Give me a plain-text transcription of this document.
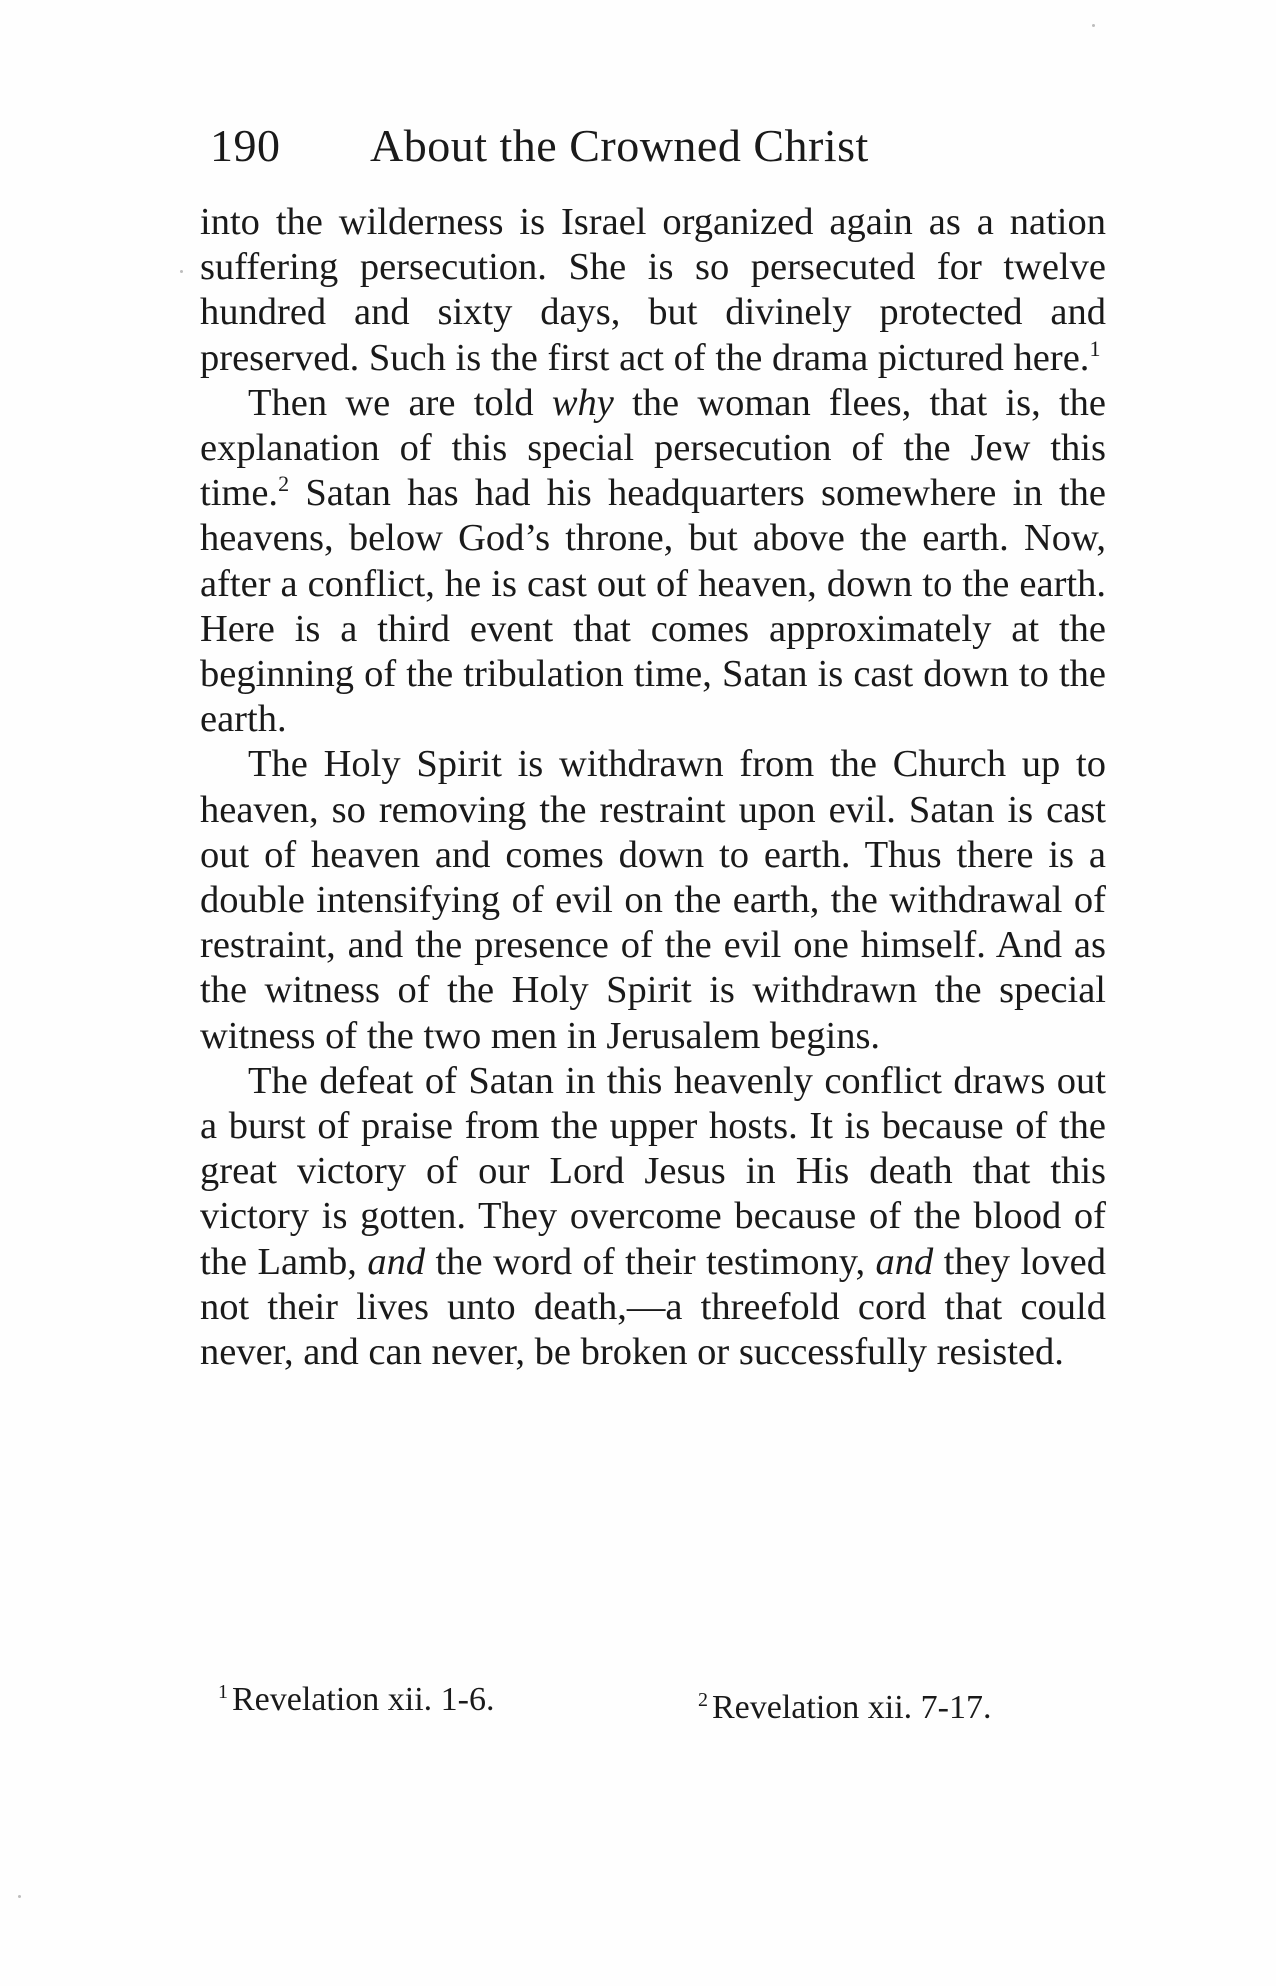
190 About the Crowned Christ

into the wilderness is Israel organized again as a nation suffering persecution. She is so persecuted for twelve hundred and sixty days, but divinely protected and preserved. Such is the first act of the drama pictured here.$^1$

Then we are told why the woman flees, that is, the explanation of this special persecution of the Jew this time.$^2$ Satan has had his headquarters somewhere in the heavens, below God’s throne, but above the earth. Now, after a conflict, he is cast out of heaven, down to the earth. Here is a third event that comes approximately at the beginning of the tribulation time, Satan is cast down to the earth.

The Holy Spirit is withdrawn from the Church up to heaven, so removing the restraint upon evil. Satan is cast out of heaven and comes down to earth. Thus there is a double intensifying of evil on the earth, the withdrawal of restraint, and the presence of the evil one himself. And as the witness of the Holy Spirit is withdrawn the special witness of the two men in Jerusalem begins.

The defeat of Satan in this heavenly conflict draws out a burst of praise from the upper hosts. It is because of the great victory of our Lord Jesus in His death that this victory is gotten. They overcome because of the blood of the Lamb, and the word of their testimony, and they loved not their lives unto death,—a threefold cord that could never, and can never, be broken or successfully resisted.

$^1$ Revelation xii. 1-6.	$^2$ Revelation xii. 7-17.
